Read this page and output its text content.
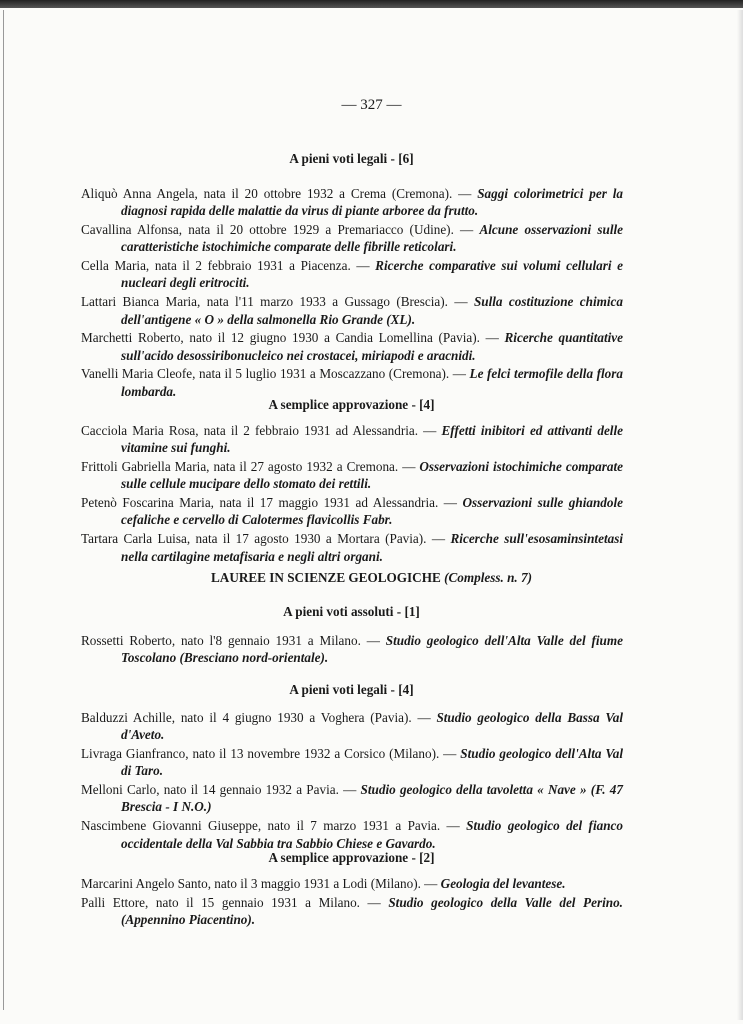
— 327 —
A pieni voti legali - [6]
Aliquò Anna Angela, nata il 20 ottobre 1932 a Crema (Cremona). — Saggi colorimetrici per la diagnosi rapida delle malattie da virus di piante arboree da frutto.
Cavallina Alfonsa, nata il 20 ottobre 1929 a Premariacco (Udine). — Alcune osservazioni sulle caratteristiche istochimiche comparate delle fibrille reticolari.
Cella Maria, nata il 2 febbraio 1931 a Piacenza. — Ricerche comparative sui volumi cellulari e nucleari degli eritrociti.
Lattari Bianca Maria, nata l'11 marzo 1933 a Gussago (Brescia). — Sulla costituzione chimica dell'antigene « O » della salmonella Rio Grande (XL).
Marchetti Roberto, nato il 12 giugno 1930 a Candia Lomellina (Pavia). — Ricerche quantitative sull'acido desossiribonucleico nei crostacei, miriapodi e aracnidi.
Vanelli Maria Cleofe, nata il 5 luglio 1931 a Moscazzano (Cremona). — Le felci termofile della flora lombarda.
A semplice approvazione - [4]
Cacciola Maria Rosa, nata il 2 febbraio 1931 ad Alessandria. — Effetti inibitori ed attivanti delle vitamine sui funghi.
Frittoli Gabriella Maria, nata il 27 agosto 1932 a Cremona. — Osservazioni istochimiche comparate sulle cellule mucipare dello stomato dei rettili.
Petenò Foscarina Maria, nata il 17 maggio 1931 ad Alessandria. — Osservazioni sulle ghiandole cefaliche e cervello di Calotermes flavicollis Fabr.
Tartara Carla Luisa, nata il 17 agosto 1930 a Mortara (Pavia). — Ricerche sull'esosaminsintetasi nella cartilagine metafisaria e negli altri organi.
LAUREE IN SCIENZE GEOLOGICHE (Compless. n. 7)
A pieni voti assoluti - [1]
Rossetti Roberto, nato l'8 gennaio 1931 a Milano. — Studio geologico dell'Alta Valle del fiume Toscolano (Bresciano nord-orientale).
A pieni voti legali - [4]
Balduzzi Achille, nato il 4 giugno 1930 a Voghera (Pavia). — Studio geologico della Bassa Val d'Aveto.
Livraga Gianfranco, nato il 13 novembre 1932 a Corsico (Milano). — Studio geologico dell'Alta Val di Taro.
Melloni Carlo, nato il 14 gennaio 1932 a Pavia. — Studio geologico della tavoletta « Nave » (F. 47 Brescia - I N.O.)
Nascimbene Giovanni Giuseppe, nato il 7 marzo 1931 a Pavia. — Studio geologico del fianco occidentale della Val Sabbia tra Sabbio Chiese e Gavardo.
A semplice approvazione - [2]
Marcarini Angelo Santo, nato il 3 maggio 1931 a Lodi (Milano). — Geologia del levantese.
Palli Ettore, nato il 15 gennaio 1931 a Milano. — Studio geologico della Valle del Perino. (Appennino Piacentino).
